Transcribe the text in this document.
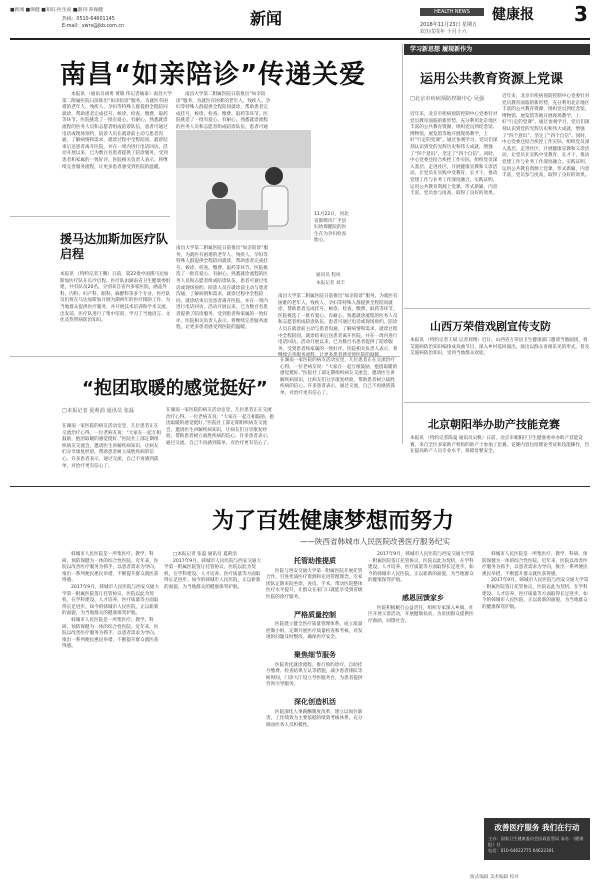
■新闻 ■保健 ■知识·医生说 ■副刊·养保健
热线：0510-64601145
E-mail：xwrs@jkb.com.cn	新闻	HEALTH NEWS	健康报 3
2018年11月23日 星期五
农历戊戌年 十月十六
南昌“如亲陪诊”传递关爱

本报讯 （通讯员胡勇 黄敏 伟记者喻泰）南昌大学第二附属医院日前推出“如亲陪诊”服务，为就医有困难的老年人、残疾人、孕妇等特殊人群提供全程陪同就诊，帮助患者完成挂号、候诊、检查、缴费、取药等环节。医院挑选了一批有爱心、有耐心、熟悉就诊流程的医务人员和志愿者组成陪诊队伍，患者可通过电话或现场预约。陪诊人员在就诊前主动与患者沟通，了解病情和需求，就诊过程中全程陪同，就诊结束后送患者离开医院，并在一周内进行电话回访。活动开展以来，已为数百名患者提供了陪诊服务，受到患者和家属的一致好评。医院相关负责人表示，将继续完善服务流程，让更多患者感受到医院的温暖。

南昌大学第二附属医院日前推出“如亲陪诊”服务，为就医有困难的老年人、残疾人、孕妇等特殊人群提供全程陪同就诊，帮助患者完成挂号、候诊、检查、缴费、取药等环节。医院挑选了一批有爱心、有耐心、熟悉就诊流程的医务人员和志愿者组成陪诊队伍，患者可通

11月22日，河北省邯郸市广平县妇幼保健院的医生在为孕妇检查胎心。
通讯员 程凤
本报记者 刘丰
援马达加斯加医疗队启程
本报讯 （特约记者王瓣）日前，第22批中国援马达加斯加医疗队在长沙启程。医疗队由湖南省卫生健康委组建，共有队员20名，分别来自省内多家医院，涵盖外科、内科、妇产科、眼科、麻醉科等多个专业。医疗队员们将在马达加斯加开展为期两年的医疗援助工作，为当地群众提供医疗服务，并开展技术培训和学术交流。出发前，医疗队进行了集中培训，学习了当地语言、文化及热带病防治知识。
南昌大学第二附属医院日前推出“如亲陪诊”服务，为就医有困难的老年人、残疾人、孕妇等特殊人群提供全程陪同就诊，帮助患者完成挂号、候诊、检查、缴费、取药等环节。医院挑选了一批有爱心、有耐心、熟悉就诊流程的医务人员和志愿者组成陪诊队伍，患者可通过电话或现场预约。陪诊人员在就诊前主动与患者沟通，了解病情和需求，就诊过程中全程陪同，就诊结束后送患者离开医院，并在一周内进行电话回访。活动开展以来，已为数百名患者提供了陪诊服务，受到患者和家属的一致好评。医院相关负责人表示，将继续完善服务流程，让更多患者感受到医院的温暖。
南昌大学第二附属医院日前推出“如亲陪诊”服务，为就医有困难的老年人、残疾人、孕妇等特殊人群提供全程陪同就诊，帮助患者完成挂号、候诊、检查、缴费、取药等环节。医院挑选了一批有爱心、有耐心、熟悉就诊流程的医务人员和志愿者组成陪诊队伍，患者可通过电话或现场预约。陪诊人员在就诊前主动与患者沟通，了解病情和需求，就诊过程中全程陪同，就诊结束后送患者离开医院，并在一周内进行电话回访。活动开展以来，已为数百名患者提供了陪诊服务，受到患者和家属的一致好评。医院相关负责人表示，将
学习新思想 履现新作为
运用公共教育资源上党课
□北京市疾病预防控制中心 吴强
近年来，北京市疾病预防控制中心党委针对党员教育面临的新形势，充分利用北京地区丰富的公共教育资源，组织党员到纪念馆、博物馆、展览馆等地开展现场教学，上好“行走的党课”。通过参观学习，党员们深刻认识到党的光辉历史和伟大成就，增强了“四个意识”，坚定了“四个自信”。同时，中心党委还结合疾控工作实际，组织党员深入基层、走进社区，开展健康宣教和义诊活动，让党员在实践中受教育、长才干，推动党建工作与业务工作深度融合。实践证明，运用公共教育资源上党课，形式新颖，内容丰富，党员参与度高，取得了良好的效果。
近年来，北京市疾病预防控制中心党委针对党员教育面临的新形势，充分利用北京地区丰富的公共教育资源，组织党员到纪念馆、博物馆、展览馆等地开展现场教学，上好“行走的党课”。通过参观学习，党员们深刻认识到党的光辉历史和伟大成就，增强了“四个意识”，坚定了“四个自信”。同时，中心党委还结合疾控工作实际，组织党员深入基层、走进社区，开展健康宣教和义诊活动，让党员在实践中受教育、长才干，推动党建工作与业务工作深度融合。实践证明，运用公共教育资源上党课，形式新颖，内容丰富，党员参与度高，取得了良好的效果。
“抱团取暖的感觉挺好”
□本报记者 夏莉涓 通讯员 张磊
在湖南一家医院的病友活动室里，几位患者正在交流治疗心得。一位老病友说：“大家在一起互相鼓励，抱团取暖的感觉挺好。”医院社工部定期组织病友交流会，邀请医生讲解疾病知识，让病友们分享康复经验，帮助患者树立战胜疾病的信心。许多患者表示，通过交流，自己不再感到孤单，对治疗更有信心了。
在湖南一家医院的病友活动室里，几位患者正在交流治疗心得。一位老病友说：“大家在一起互相鼓励，抱团取暖的感觉挺好。”医院社工部定期组织病友交流会，邀请医生讲解疾病知识，让病友们分享康复经验，帮助患者树立战胜疾病的信心。许多患者表示，通过交流，自己不再感到孤单，对治疗更有信心了。
在湖南一家医院的病友活动室里，几位患者正在交流治疗心得。一位老病友说：“大家在一起互相鼓励，抱团取暖的感觉挺好。”医院社工部定期组织病友交流会，邀请医生讲解疾病知识，让病友们分享康复经验，帮助患者树立战胜疾病的信心。许多患者表示，通过交流，自己不再感到孤单，对治疗更有信心了。
山西万荣借戏剧宣传支防
本报讯 （特约记者王斌 记者刘翔）近日，山西省万荣县卫生健康部门邀请当地剧团，将艾滋病防治知识编排成戏曲节目，深入乡村巡回演出。演出以群众喜闻乐见的形式，普及艾滋病防治知识，受到当地群众欢迎。
北京朝阳举办助产技能竞赛
本报讯 （特约记者陈曼 通讯员吴帆）日前，北京市朝阳区卫生健康委举办助产技能竞赛，来自全区多家助产机构的助产士参加了比赛。竞赛内容包括理论考试和技能操作，旨在提高助产人员专业水平，保障母婴安全。
为了百姓健康梦想而努力
——陕西省韩城市人民医院改善医疗服务纪实

韩城市人民医院是一所集医疗、教学、科研、预防保健为一体的综合性医院。近年来，医院以改善医疗服务为抓手，以患者需求为导向，推出一系列便民惠民举措，不断提升群众就医获得感。

2017年9月，韩城市人民医院与西安交通大学第一附属医院签订托管协议，医院以此为契机，在学科建设、人才培养、医疗质量等方面取得长足进步。如今的韩城市人民医院，正以崭新的面貌，为当地群众的健康保驾护航。

韩城市人民医院是一所集医疗、教学、科研、预防保健为一体的综合性医院。近年来，医院以改善医疗服务为抓手，以患者需求为导向，推出一系列便民惠民举措，不断提升群众就医获得感。

□本报记者 张磊 通讯员 夏莉涓

2017年9月，韩城市人民医院与西安交通大学第一附属医院签订托管协议，医院以此为契机，在学科建设、人才培养、医疗质量等方面取得长足进步。如今的韩城市人民医院，正以崭新的面貌，为当地群众的健康保驾护航。

托管助推提质

医院与西安交通大学第一附属医院开展托管合作，引进优质医疗资源和先进管理理念，专家团队定期来院坐诊、查房、手术，带动医院整体医疗水平提升，让群众在家门口就能享受到省级医院的诊疗服务。

严格质量控制

医院建立健全医疗质量管理体系，成立质量控制小组，定期开展医疗质量检查和考核，对发现的问题及时整改，确保医疗安全。

聚焦细节服务

医院优化就诊流程，推行预约诊疗、自助挂号缴费、检查结果互认等措施，减少患者排队等候时间，门诊大厅设立导医服务台，为患者提供咨询引导服务。

深化创造机活

医院深化人事薪酬制度改革，建立以岗位职责、工作绩效为主要依据的绩效考核体系，充分调动医务人员积极性。

2017年9月，韩城市人民医院与西安交通大学第一附属医院签订托管协议，医院以此为契机，在学科建设、人才培养、医疗质量等方面取得长足进步。如今的韩城市人民医院，正以崭新的面貌，为当地群众的健康保驾护航。

感恩回馈家乡

医院积极履行公益责任，组织专家深入乡镇、社区开展义诊活动，开展健康扶贫，为贫困群众提供医疗救助，回馈社会。

韩城市人民医院是一所集医疗、教学、科研、预防保健为一体的综合性医院。近年来，医院以改善医疗服务为抓手，以患者需求为导向，推出一系列便民惠民举措，不断提升群众就医获得感。

2017年9月，韩城市人民医院与西安交通大学第一附属医院签订托管协议，医院以此为契机，在学科建设、人才培养、医疗质量等方面取得长足进步。如今的韩城市人民医院，正以崭新的面貌，为当地群众的健康保驾护航。

改善医疗服务 我们在行动
主办：国家卫生健康委员会医政医管局 承办：《健康报》社
电话：010-64622775 64622391
版式编辑 美术编辑 校对
